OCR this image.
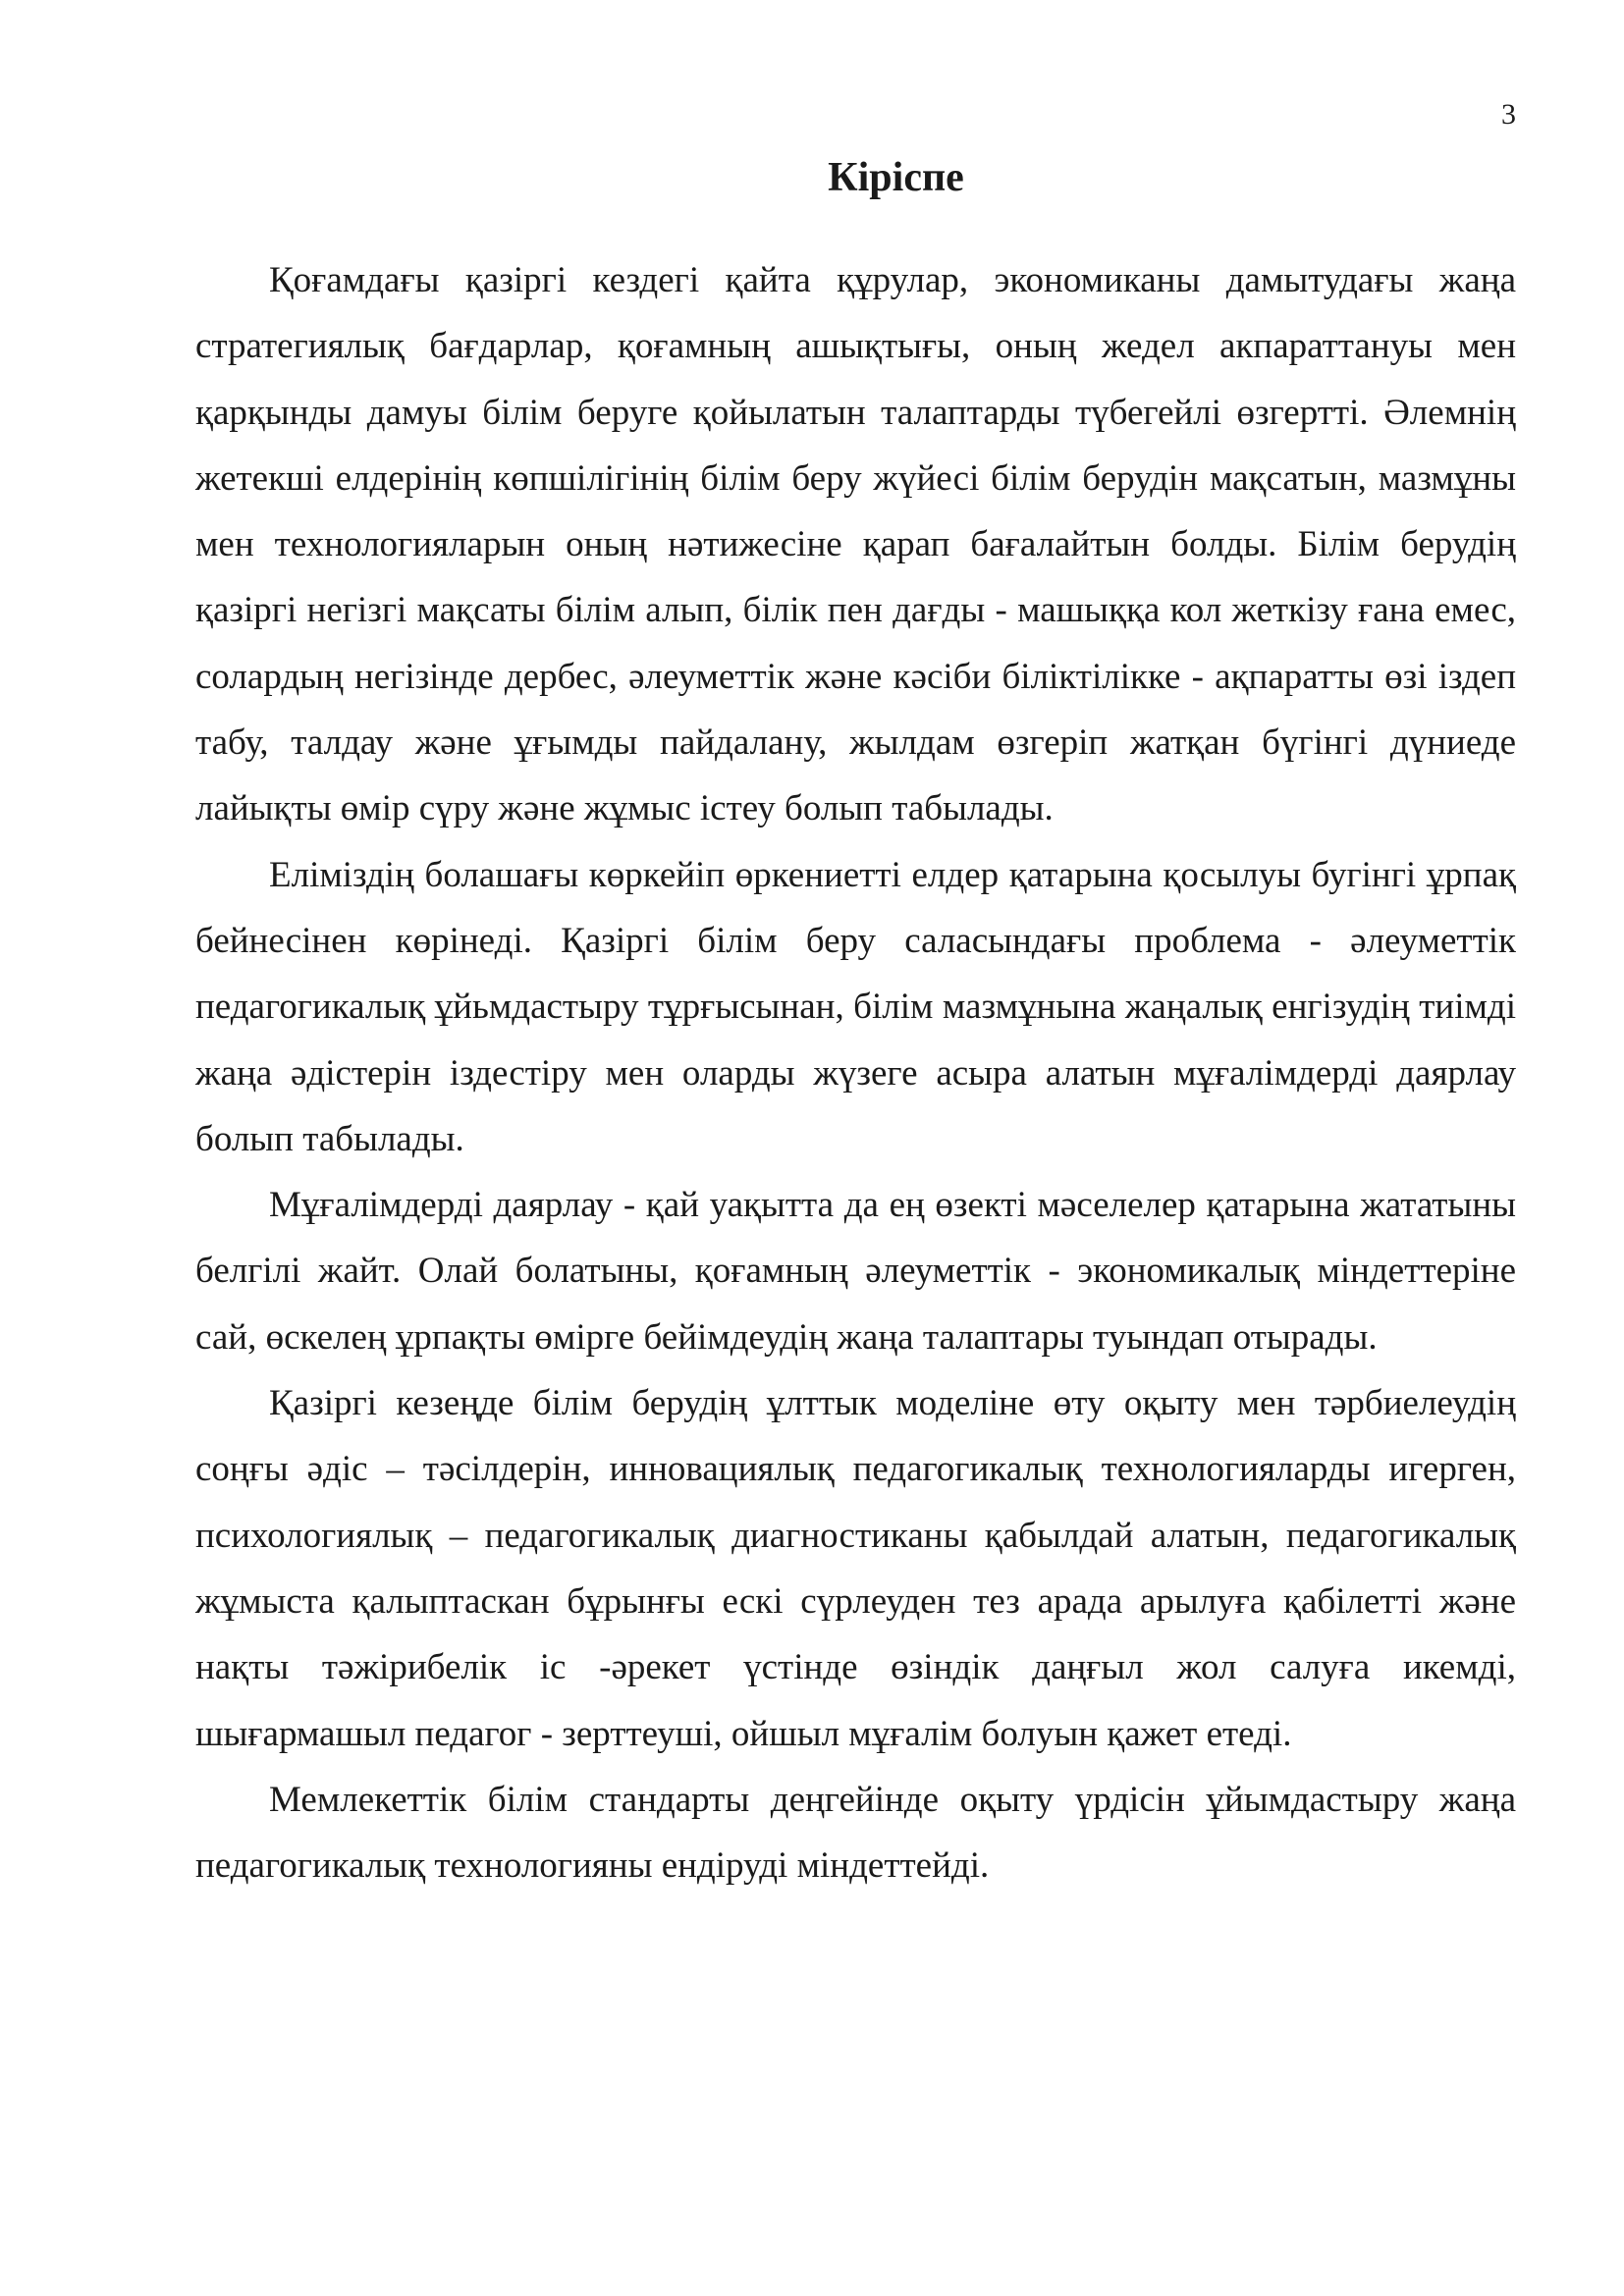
3
Кіріспе

Қоғамдағы қазіргі кездегі қайта құрулар, экономиканы дамытудағы жаңа стратегиялық бағдарлар, қоғамның ашықтығы, оның жедел акпараттануы мен қарқынды дамуы білім беруге қойылатын талаптарды түбегейлі өзгертті. Әлемнің жетекші елдерінің көпшілігінің білім беру жүйесі білім берудін мақсатын, мазмұны мен технологияларын оның нәтижесіне қарап бағалайтын болды. Білім берудің қазіргі негізгі мақсаты білім алып, білік пен дағды - машыққа кол жеткізу ғана емес, солардың негізінде дербес, әлеуметтік және кәсіби біліктілікке - ақпаратты өзі іздеп табу, талдау және ұғымды пайдалану, жылдам өзгеріп жатқан бүгінгі дүниеде лайықты өмір сүру және жұмыс істеу болып табылады.

Еліміздің болашағы көркейіп өркениетті елдер қатарына қосылуы бугінгі ұрпақ бейнесінен көрінеді. Қазіргі білім беру саласындағы проблема - әлеуметтік педагогикалық ұйьмдастыру тұрғысынан, білім мазмұнына жаңалық енгізудің тиімді жаңа әдістерін іздестіру мен оларды жүзеге асыра алатын мұғалімдерді даярлау болып табылады.

Мұғалімдерді даярлау - қай уақытта да ең өзекті мәселелер қатарына жататыны белгілі жайт. Олай болатыны, қоғамның әлеуметтік - экономикалық міндеттеріне сай, өскелең ұрпақты өмірге бейімдеудің жаңа талаптары туындап отырады.

Қазіргі кезеңде білім берудің ұлттык моделіне өту оқыту мен тәрбиелеудің соңғы әдіс – тәсілдерін, инновациялық педагогикалық технологияларды игерген, психологиялық – педагогикалық диагностиканы қабылдай алатын, педагогикалық жұмыста қалыптаскан бұрынғы ескі сүрлеуден тез арада арылуға қабілетті және нақты тәжірибелік іс -әрекет үстінде өзіндік даңғыл жол салуға икемді, шығармашыл педагог - зерттеуші, ойшыл мұғалім болуын қажет етеді.

Мемлекеттік білім стандарты деңгейінде оқыту үрдісін ұйымдастыру жаңа педагогикалық технологияны ендіруді міндеттейді.
